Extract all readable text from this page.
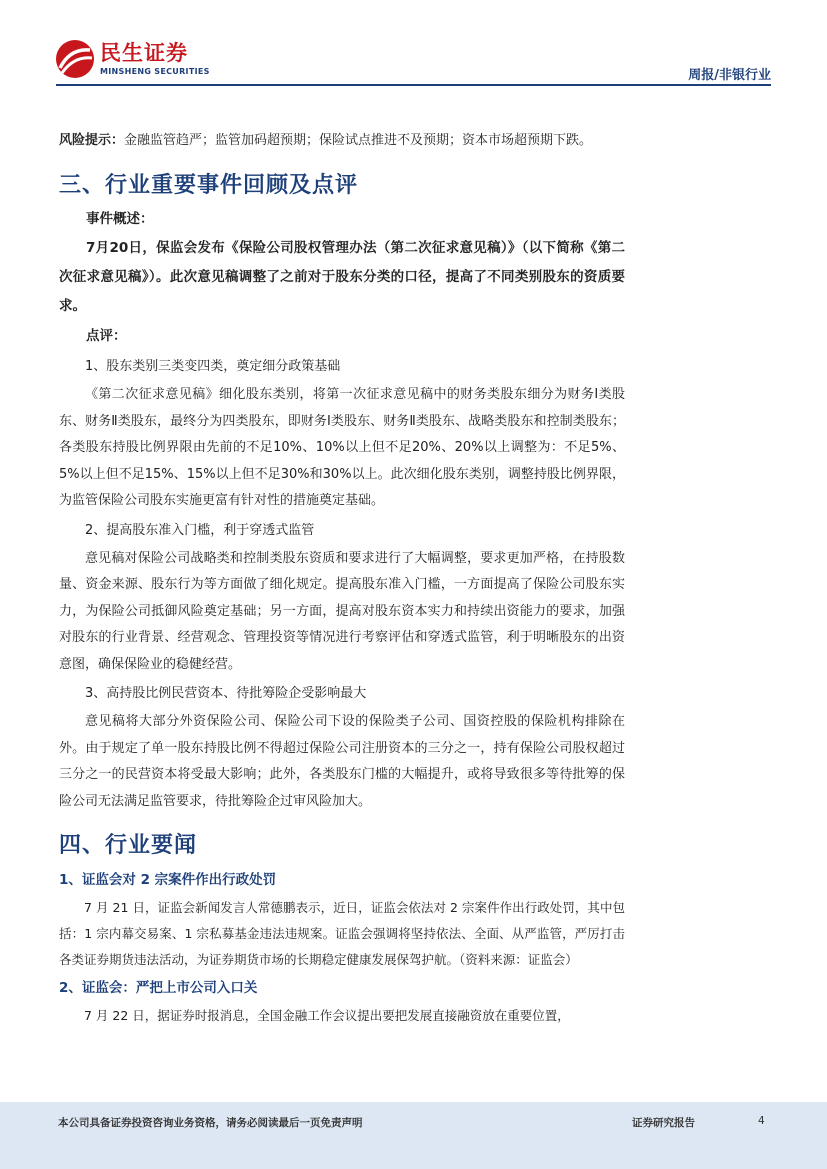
民生证券
MINSHENG SECURITIES	周报/非银行业

风险提示：金融监管趋严；监管加码超预期；保险试点推进不及预期；资本市场超预期下跌。

三、行业重要事件回顾及点评

事件概述：

7月20日，保监会发布《保险公司股权管理办法（第二次征求意见稿）》（以下简称《第二次征求意见稿》）。此次意见稿调整了之前对于股东分类的口径，提高了不同类别股东的资质要求。

点评：

1、股东类别三类变四类，奠定细分政策基础

《第二次征求意见稿》细化股东类别，将第一次征求意见稿中的财务类股东细分为财务Ⅰ类股东、财务Ⅱ类股东，最终分为四类股东，即财务Ⅰ类股东、财务Ⅱ类股东、战略类股东和控制类股东；各类股东持股比例界限由先前的不足10%、10%以上但不足20%、20%以上调整为：不足5%、5%以上但不足15%、15%以上但不足30%和30%以上。此次细化股东类别，调整持股比例界限，为监管保险公司股东实施更富有针对性的措施奠定基础。

2、提高股东准入门槛，利于穿透式监管

意见稿对保险公司战略类和控制类股东资质和要求进行了大幅调整，要求更加严格，在持股数量、资金来源、股东行为等方面做了细化规定。提高股东准入门槛，一方面提高了保险公司股东实力，为保险公司抵御风险奠定基础；另一方面，提高对股东资本实力和持续出资能力的要求，加强对股东的行业背景、经营观念、管理投资等情况进行考察评估和穿透式监管，利于明晰股东的出资意图，确保保险业的稳健经营。

3、高持股比例民营资本、待批筹险企受影响最大

意见稿将大部分外资保险公司、保险公司下设的保险类子公司、国资控股的保险机构排除在外。由于规定了单一股东持股比例不得超过保险公司注册资本的三分之一，持有保险公司股权超过三分之一的民营资本将受最大影响；此外，各类股东门槛的大幅提升，或将导致很多等待批筹的保险公司无法满足监管要求，待批筹险企过审风险加大。

四、行业要闻

1、证监会对 2 宗案件作出行政处罚

7 月 21 日，证监会新闻发言人常德鹏表示，近日，证监会依法对 2 宗案件作出行政处罚，其中包括：1 宗内幕交易案、1 宗私募基金违法违规案。证监会强调将坚持依法、全面、从严监管，严厉打击各类证券期货违法活动，为证券期货市场的长期稳定健康发展保驾护航。（资料来源：证监会）

2、证监会：严把上市公司入口关

7 月 22 日，据证券时报消息，全国金融工作会议提出要把发展直接融资放在重要位置，

本公司具备证券投资咨询业务资格，请务必阅读最后一页免责声明	证券研究报告	4
